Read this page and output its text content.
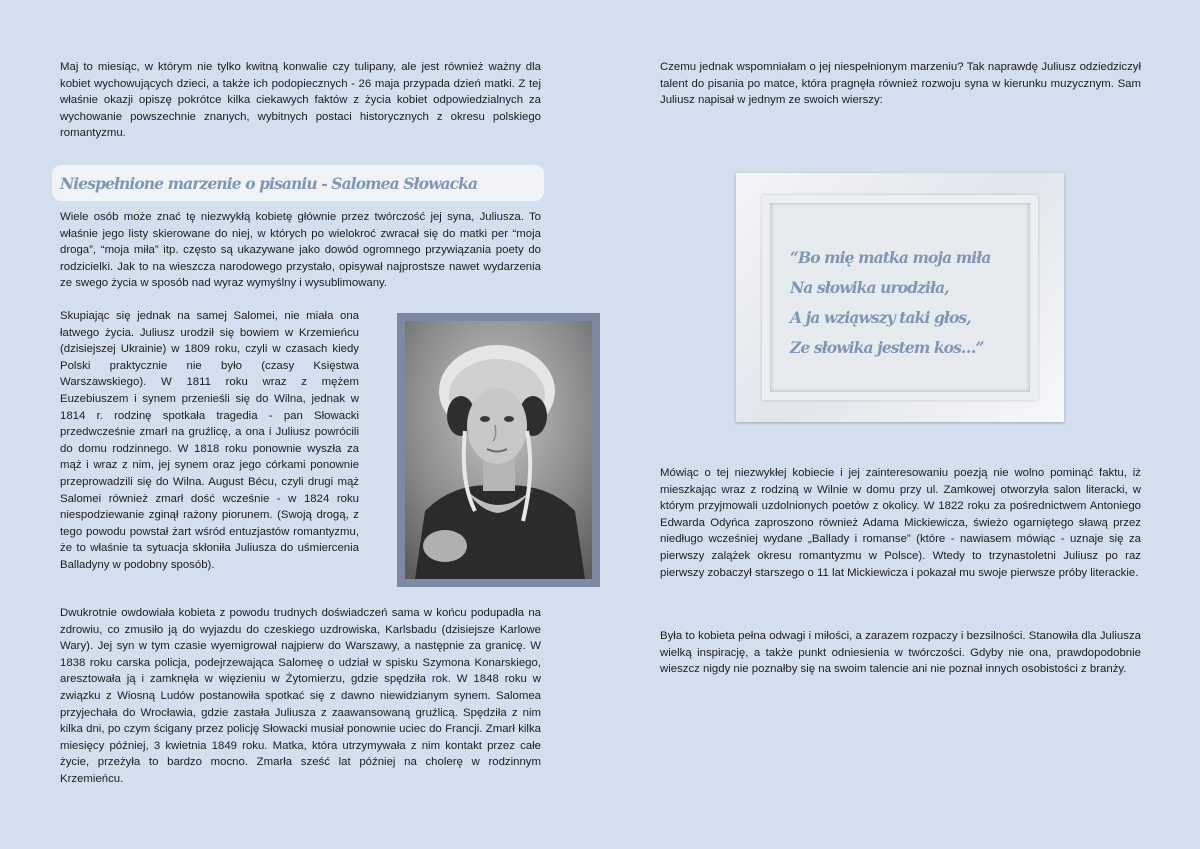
Maj to miesiąc, w którym nie tylko kwitną konwalie czy tulipany, ale jest również ważny dla kobiet wychowujących dzieci, a także ich podopiecznych - 26 maja przypada dzień matki. Z tej właśnie okazji opiszę pokrótce kilka ciekawych faktów z życia kobiet odpowiedzialnych za wychowanie powszechnie znanych, wybitnych postaci historycznych z okresu polskiego romantyzmu.

Niespełnione marzenie o pisaniu - Salomea Słowacka

Wiele osób może znać tę niezwykłą kobietę głównie przez twórczość jej syna, Juliusza. To właśnie jego listy skierowane do niej, w których po wielokroć zwracał się do matki per “moja droga”, “moja miła” itp. często są ukazywane jako dowód ogromnego przywiązania poety do rodzicielki. Jak to na wieszcza narodowego przystało, opisywał najprostsze nawet wydarzenia ze swego życia w sposób nad wyraz wymyślny i wysublimowany.

Skupiając się jednak na samej Salomei, nie miała ona łatwego życia. Juliusz urodził się bowiem w Krzemieńcu (dzisiejszej Ukrainie) w 1809 roku, czyli w czasach kiedy Polski praktycznie nie było (czasy Księstwa Warszawskiego). W 1811 roku wraz z mężem Euzebiuszem i synem przenieśli się do Wilna, jednak w 1814 r. rodzinę spotkała tragedia - pan Słowacki przedwcześnie zmarł na gruźlicę, a ona i Juliusz powrócili do domu rodzinnego. W 1818 roku ponownie wyszła za mąż i wraz z nim, jej synem oraz jego córkami ponownie przeprowadzili się do Wilna. August Bécu, czyli drugi mąż Salomei również zmarł dość wcześnie - w 1824 roku niespodziewanie zginął rażony piorunem. (Swoją drogą, z tego powodu powstał żart wśród entuzjastów romantyzmu, że to właśnie ta sytuacja skłoniła Juliusza do uśmiercenia Balladyny w podobny sposób).

Dwukrotnie owdowiała kobieta z powodu trudnych doświadczeń sama w końcu podupadła na zdrowiu, co zmusiło ją do wyjazdu do czeskiego uzdrowiska, Karlsbadu (dzisiejsze Karlowe Wary). Jej syn w tym czasie wyemigrował najpierw do Warszawy, a następnie za granicę. W 1838 roku carska policja, podejrzewająca Salomeę o udział w spisku Szymona Konarskiego, aresztowała ją i zamknęła w więzieniu w Żytomierzu, gdzie spędziła rok. W 1848 roku w związku z Wiosną Ludów postanowiła spotkać się z dawno niewidzianym synem. Salomea przyjechała do Wrocławia, gdzie zastała Juliusza z zaawansowaną gruźlicą. Spędziła z nim kilka dni, po czym ścigany przez policję Słowacki musiał ponownie uciec do Francji. Zmarł kilka miesięcy później, 3 kwietnia 1849 roku. Matka, która utrzymywała z nim kontakt przez całe życie, przeżyła to bardzo mocno. Zmarła sześć lat później na cholerę w rodzinnym Krzemieńcu.

Czemu jednak wspomniałam o jej niespełnionym marzeniu? Tak naprawdę Juliusz odziedziczył talent do pisania po matce, która pragnęła również rozwoju syna w kierunku muzycznym. Sam Juliusz napisał w jednym ze swoich wierszy:

“Bo mię matka moja miła
Na słowika urodziła,
A ja wziąwszy taki głos,
Ze słowika jestem kos…”

Mówiąc o tej niezwykłej kobiecie i jej zainteresowaniu poezją nie wolno pominąć faktu, iż mieszkając wraz z rodziną w Wilnie w domu przy ul. Zamkowej otworzyła salon literacki, w którym przyjmowali uzdolnionych poetów z okolicy. W 1822 roku za pośrednictwem Antoniego Edwarda Odyńca zaproszono również Adama Mickiewicza, świeżo ogarniętego sławą przez niedługo wcześniej wydane „Ballady i romanse” (które - nawiasem mówiąc - uznaje się za pierwszy zalążek okresu romantyzmu w Polsce). Wtedy to trzynastoletni Juliusz po raz pierwszy zobaczył starszego o 11 lat Mickiewicza i pokazał mu swoje pierwsze próby literackie.

Była to kobieta pełna odwagi i miłości, a zarazem rozpaczy i bezsilności. Stanowiła dla Juliusza wielką inspirację, a także punkt odniesienia w twórczości. Gdyby nie ona, prawdopodobnie wieszcz nigdy nie poznałby się na swoim talencie ani nie poznał innych osobistości z branży.
